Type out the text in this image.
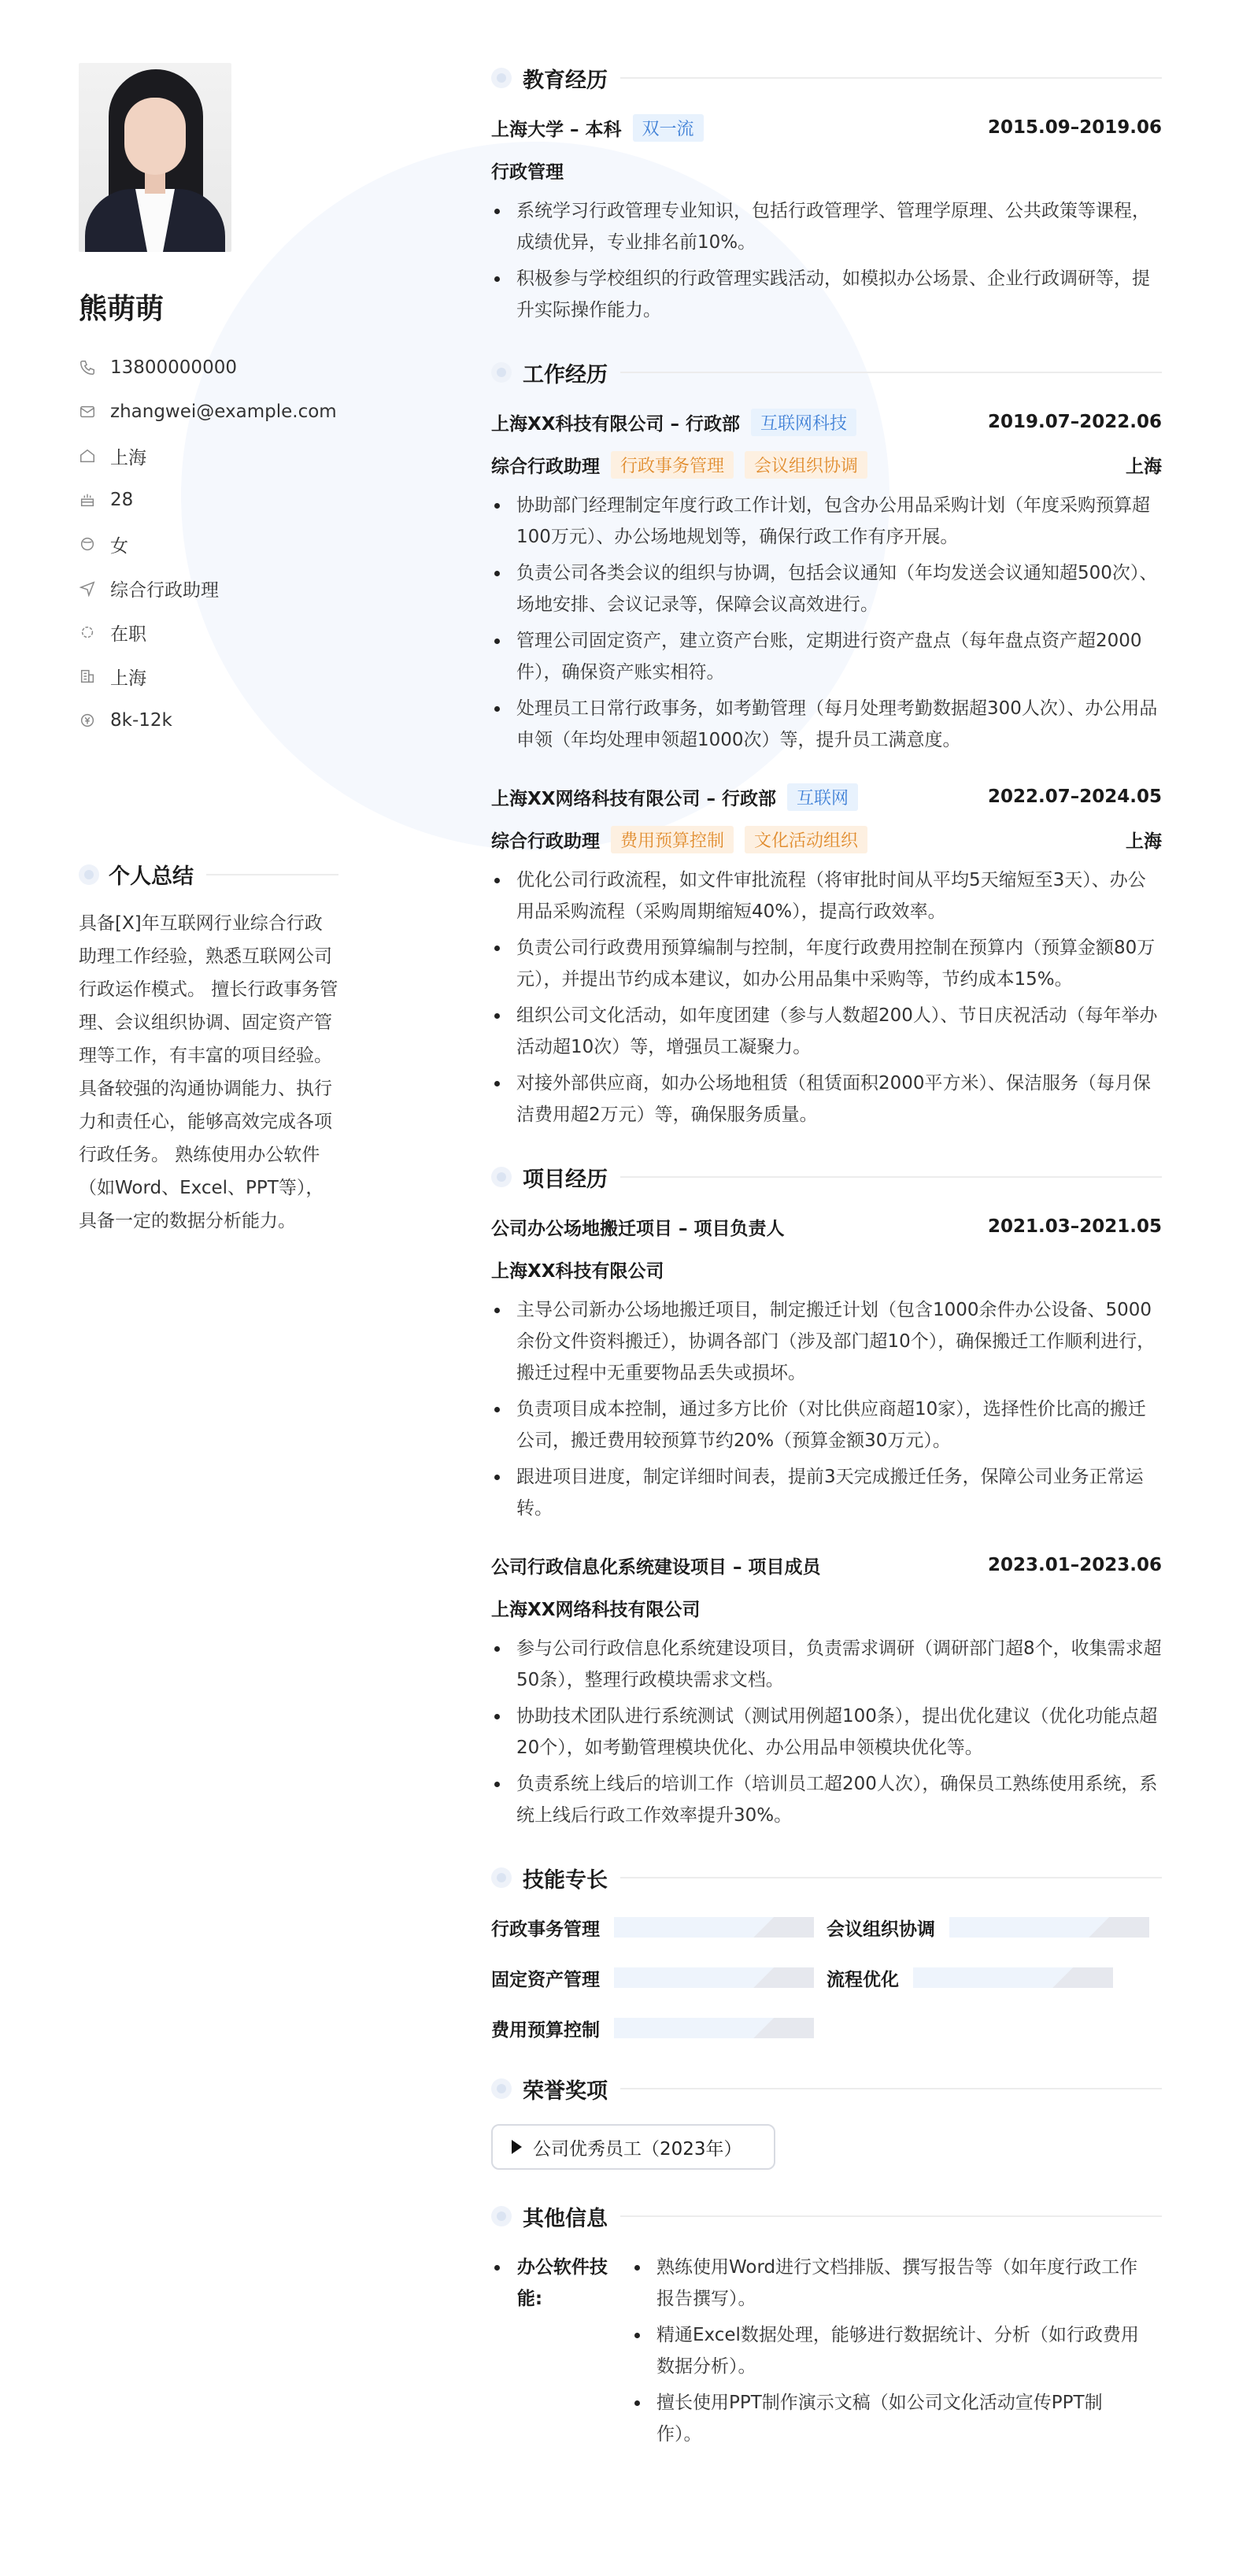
熊萌萌
13800000000
zhangwei@example.com
上海
28
女
综合行政助理
在职
上海
8k-12k
个人总结

具备[X]年互联网行业综合行政助理工作经验，熟悉互联网公司行政运作模式。 擅长行政事务管理、会议组织协调、固定资产管理等工作，有丰富的项目经验。 具备较强的沟通协调能力、执行力和责任心，能够高效完成各项行政任务。 熟练使用办公软件（如Word、Excel、PPT等），具备一定的数据分析能力。

教育经历
上海大学 – 本科	双一流	2015.09–2019.06
行政管理
系统学习行政管理专业知识，包括行政管理学、管理学原理、公共政策等课程，成绩优异，专业排名前10%。
积极参与学校组织的行政管理实践活动，如模拟办公场景、企业行政调研等，提升实际操作能力。
工作经历
上海XX科技有限公司 – 行政部	互联网科技	2019.07–2022.06
综合行政助理	行政事务管理	会议组织协调	上海
协助部门经理制定年度行政工作计划，包含办公用品采购计划（年度采购预算超100万元）、办公场地规划等，确保行政工作有序开展。
负责公司各类会议的组织与协调，包括会议通知（年均发送会议通知超500次）、场地安排、会议记录等，保障会议高效进行。
管理公司固定资产，建立资产台账，定期进行资产盘点（每年盘点资产超2000件），确保资产账实相符。
处理员工日常行政事务，如考勤管理（每月处理考勤数据超300人次）、办公用品申领（年均处理申领超1000次）等，提升员工满意度。
上海XX网络科技有限公司 – 行政部	互联网	2022.07–2024.05
综合行政助理	费用预算控制	文化活动组织	上海
优化公司行政流程，如文件审批流程（将审批时间从平均5天缩短至3天）、办公用品采购流程（采购周期缩短40%），提高行政效率。
负责公司行政费用预算编制与控制，年度行政费用控制在预算内（预算金额80万元），并提出节约成本建议，如办公用品集中采购等，节约成本15%。
组织公司文化活动，如年度团建（参与人数超200人）、节日庆祝活动（每年举办活动超10次）等，增强员工凝聚力。
对接外部供应商，如办公场地租赁（租赁面积2000平方米）、保洁服务（每月保洁费用超2万元）等，确保服务质量。
项目经历
公司办公场地搬迁项目 – 项目负责人	2021.03–2021.05
上海XX科技有限公司
主导公司新办公场地搬迁项目，制定搬迁计划（包含1000余件办公设备、5000余份文件资料搬迁），协调各部门（涉及部门超10个），确保搬迁工作顺利进行，搬迁过程中无重要物品丢失或损坏。
负责项目成本控制，通过多方比价（对比供应商超10家），选择性价比高的搬迁公司，搬迁费用较预算节约20%（预算金额30万元）。
跟进项目进度，制定详细时间表，提前3天完成搬迁任务，保障公司业务正常运转。
公司行政信息化系统建设项目 – 项目成员	2023.01–2023.06
上海XX网络科技有限公司
参与公司行政信息化系统建设项目，负责需求调研（调研部门超8个，收集需求超50条），整理行政模块需求文档。
协助技术团队进行系统测试（测试用例超100条），提出优化建议（优化功能点超20个），如考勤管理模块优化、办公用品申领模块优化等。
负责系统上线后的培训工作（培训员工超200人次），确保员工熟练使用系统，系统上线后行政工作效率提升30%。
技能专长
行政事务管理	会议组织协调
固定资产管理	流程优化
费用预算控制
荣誉奖项
公司优秀员工（2023年）
其他信息
办公软件技能:
熟练使用Word进行文档排版、撰写报告等（如年度行政工作报告撰写）。
精通Excel数据处理，能够进行数据统计、分析（如行政费用数据分析）。
擅长使用PPT制作演示文稿（如公司文化活动宣传PPT制作）。
